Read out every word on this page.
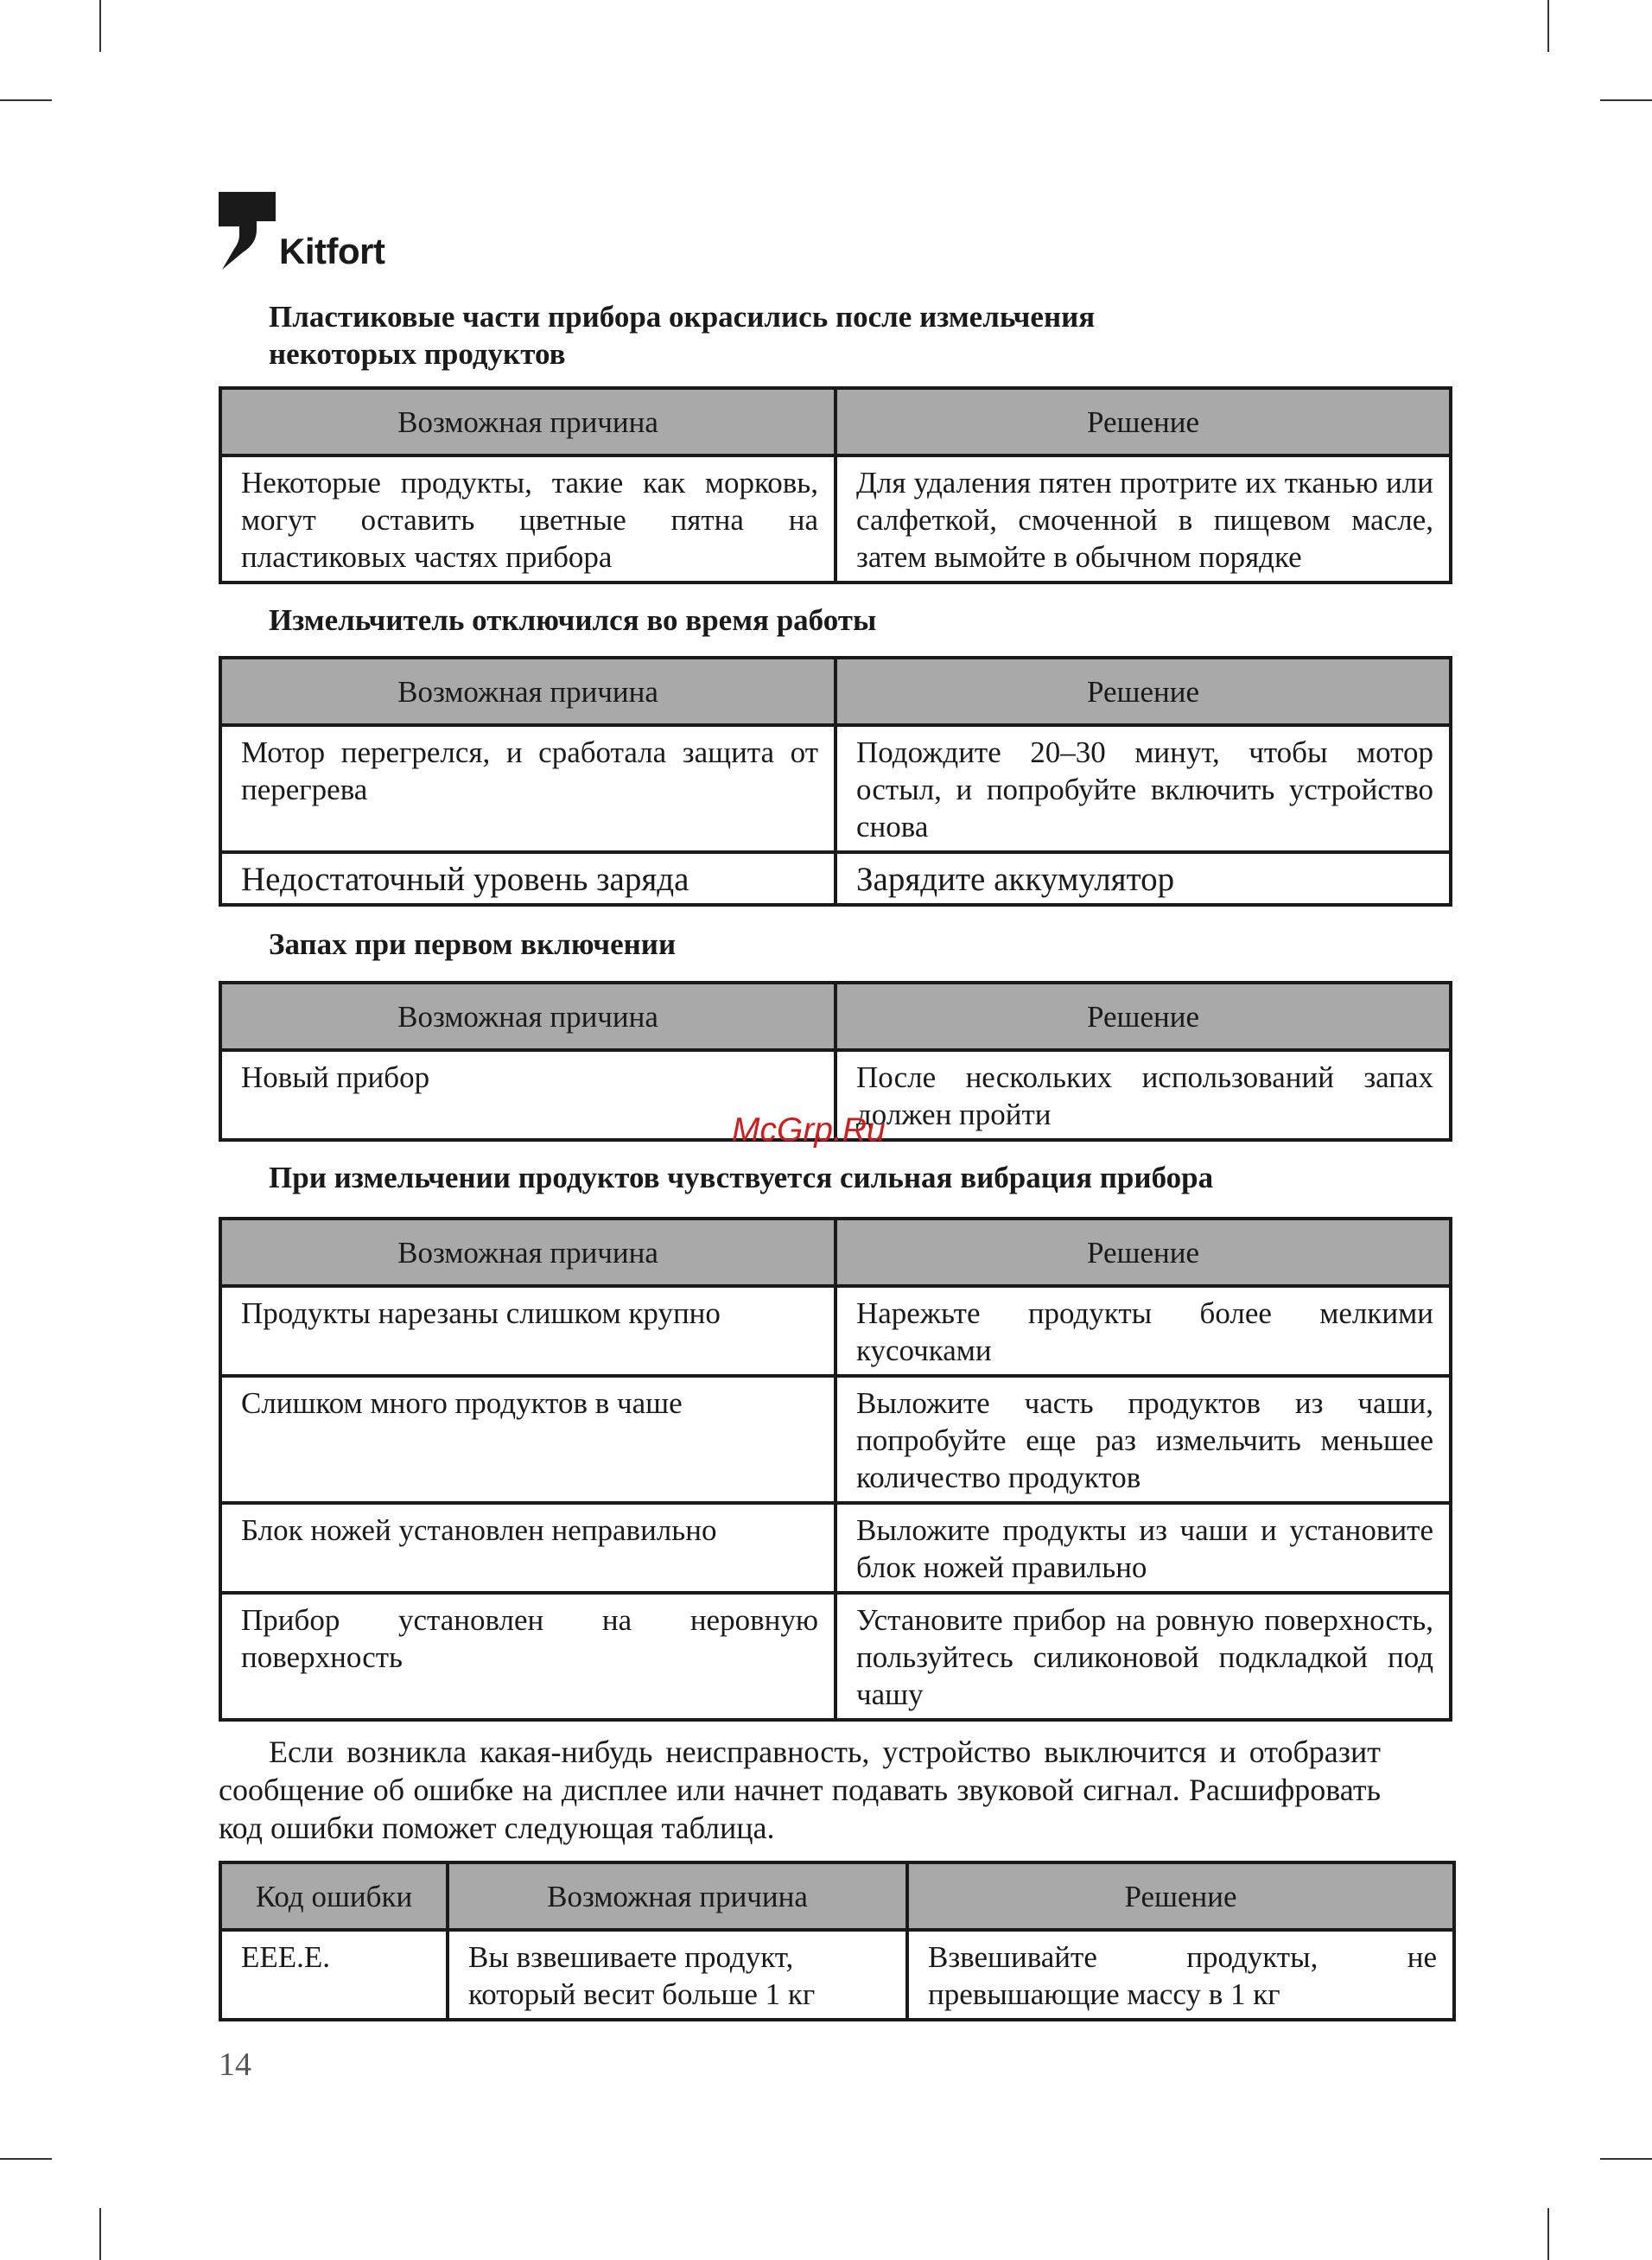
Kitfort
Пластиковые части прибора окрасились после измельчения
некоторых продуктов
Возможная причина	Решение
Некоторые продукты, такие как морковь, могут оставить цветные пятна на пластиковых частях прибора	Для удаления пятен протрите их тканью или салфеткой, смоченной в пищевом масле, затем вымойте в обычном порядке
Измельчитель отключился во время работы
Возможная причина	Решение
Мотор перегрелся, и сработала защита от перегрева	Подождите 20–30 минут, чтобы мотор остыл, и попробуйте включить устройство снова
Недостаточный уровень заряда	Зарядите аккумулятор
Запах при первом включении
Возможная причина	Решение
Новый прибор	После нескольких использований запах должен пройти
McGrp.Ru
При измельчении продуктов чувствуется сильная вибрация прибора
Возможная причина	Решение
Продукты нарезаны слишком крупно	Нарежьте продукты более мелкими кусочками
Слишком много продуктов в чаше	Выложите часть продуктов из чаши, попробуйте еще раз измельчить меньшее количество продуктов
Блок ножей установлен неправильно	Выложите продукты из чаши и установите блок ножей правильно
Прибор установлен на неровную поверхность	Установите прибор на ровную поверхность, пользуйтесь силиконовой подкладкой под чашу
Если возникла какая-нибудь неисправность, устройство выключится и отобразит сообщение об ошибке на дисплее или начнет подавать звуковой сигнал. Расшифровать код ошибки поможет следующая таблица.
Код ошибки	Возможная причина	Решение
EEE.E.	Вы взвешиваете продукт, который весит больше 1 кг	Взвешивайте продукты, не превышающие массу в 1 кг
14
